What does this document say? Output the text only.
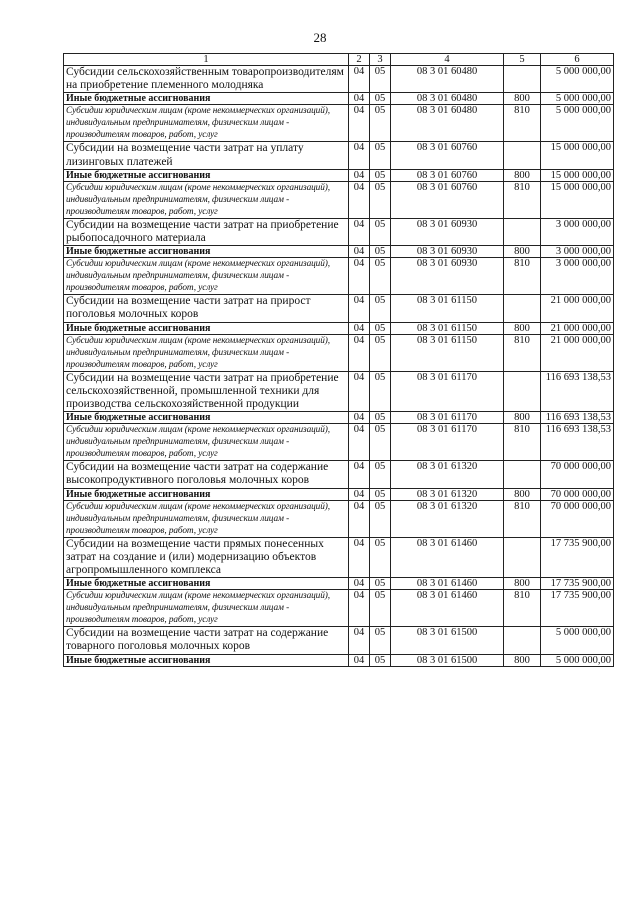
28
1	2	3	4	5	6
Субсидии сельскохозяйственным товаропроизводителям на приобретение племенного молодняка	04	05	08 3 01 60480		5 000 000,00
Иные бюджетные ассигнования	04	05	08 3 01 60480	800	5 000 000,00
Субсидии юридическим лицам (кроме некоммерческих организаций), индивидуальным предпринимателям, физическим лицам - производителям товаров, работ, услуг	04	05	08 3 01 60480	810	5 000 000,00
Субсидии на возмещение части затрат на уплату лизинговых платежей	04	05	08 3 01 60760		15 000 000,00
Иные бюджетные ассигнования	04	05	08 3 01 60760	800	15 000 000,00
Субсидии юридическим лицам (кроме некоммерческих организаций), индивидуальным предпринимателям, физическим лицам - производителям товаров, работ, услуг	04	05	08 3 01 60760	810	15 000 000,00
Субсидии на возмещение части затрат на приобретение рыбопосадочного материала	04	05	08 3 01 60930		3 000 000,00
Иные бюджетные ассигнования	04	05	08 3 01 60930	800	3 000 000,00
Субсидии юридическим лицам (кроме некоммерческих организаций), индивидуальным предпринимателям, физическим лицам - производителям товаров, работ, услуг	04	05	08 3 01 60930	810	3 000 000,00
Субсидии на возмещение части затрат на прирост поголовья молочных коров	04	05	08 3 01 61150		21 000 000,00
Иные бюджетные ассигнования	04	05	08 3 01 61150	800	21 000 000,00
Субсидии юридическим лицам (кроме некоммерческих организаций), индивидуальным предпринимателям, физическим лицам - производителям товаров, работ, услуг	04	05	08 3 01 61150	810	21 000 000,00
Субсидии на возмещение части затрат на приобретение сельскохозяйственной, промышленной техники для производства сельскохозяйственной продукции	04	05	08 3 01 61170		116 693 138,53
Иные бюджетные ассигнования	04	05	08 3 01 61170	800	116 693 138,53
Субсидии юридическим лицам (кроме некоммерческих организаций), индивидуальным предпринимателям, физическим лицам - производителям товаров, работ, услуг	04	05	08 3 01 61170	810	116 693 138,53
Субсидии на возмещение части затрат на содержание высокопродуктивного поголовья молочных коров	04	05	08 3 01 61320		70 000 000,00
Иные бюджетные ассигнования	04	05	08 3 01 61320	800	70 000 000,00
Субсидии юридическим лицам (кроме некоммерческих организаций), индивидуальным предпринимателям, физическим лицам - производителям товаров, работ, услуг	04	05	08 3 01 61320	810	70 000 000,00
Субсидии на возмещение части прямых понесенных затрат на создание и (или) модернизацию объектов агропромышленного комплекса	04	05	08 3 01 61460		17 735 900,00
Иные бюджетные ассигнования	04	05	08 3 01 61460	800	17 735 900,00
Субсидии юридическим лицам (кроме некоммерческих организаций), индивидуальным предпринимателям, физическим лицам - производителям товаров, работ, услуг	04	05	08 3 01 61460	810	17 735 900,00
Субсидии на возмещение части затрат на содержание товарного поголовья молочных коров	04	05	08 3 01 61500		5 000 000,00
Иные бюджетные ассигнования	04	05	08 3 01 61500	800	5 000 000,00
